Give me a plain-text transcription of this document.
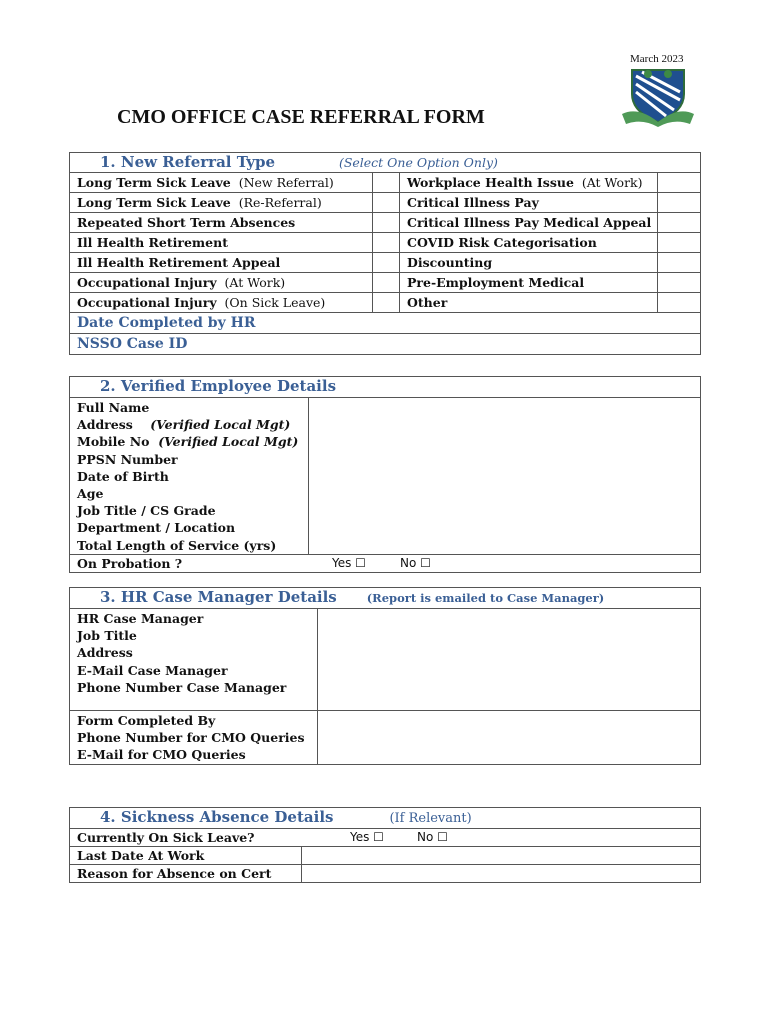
March 2023
CMO OFFICE CASE REFERRAL FORM
1. New Referral Type (Select One Option Only)			
Long Term Sick Leave (New Referral)		Workplace Health Issue (At Work)	
Long Term Sick Leave (Re-Referral)		Critical Illness Pay	
Repeated Short Term Absences		Critical Illness Pay Medical Appeal	
Ill Health Retirement		COVID Risk Categorisation	
Ill Health Retirement Appeal		Discounting	
Occupational Injury (At Work)		Pre-Employment Medical	
Occupational Injury (On Sick Leave)		Other	
Date Completed by HR			
NSSO Case ID			
2. Verified Employee Details

Full Name
Address (Verified Local Mgt)
Mobile No (Verified Local Mgt)
PPSN Number
Date of Birth
Age
Job Title / CS Grade
Department / Location
Total Length of Service (yrs)

On Probation ?	Yes ☐	No ☐
3. HR Case Manager Details (Report is emailed to Case Manager)	

HR Case Manager
Job Title
Address
E-Mail Case Manager
Phone Number Case Manager	

Form Completed By
Phone Number for CMO Queries
E-Mail for CMO Queries	

4. Sickness Absence Details (If Relevant)	
Currently On Sick Leave? Yes ☐ No ☐	

Last Date At Work	
Reason for Absence on Cert	
